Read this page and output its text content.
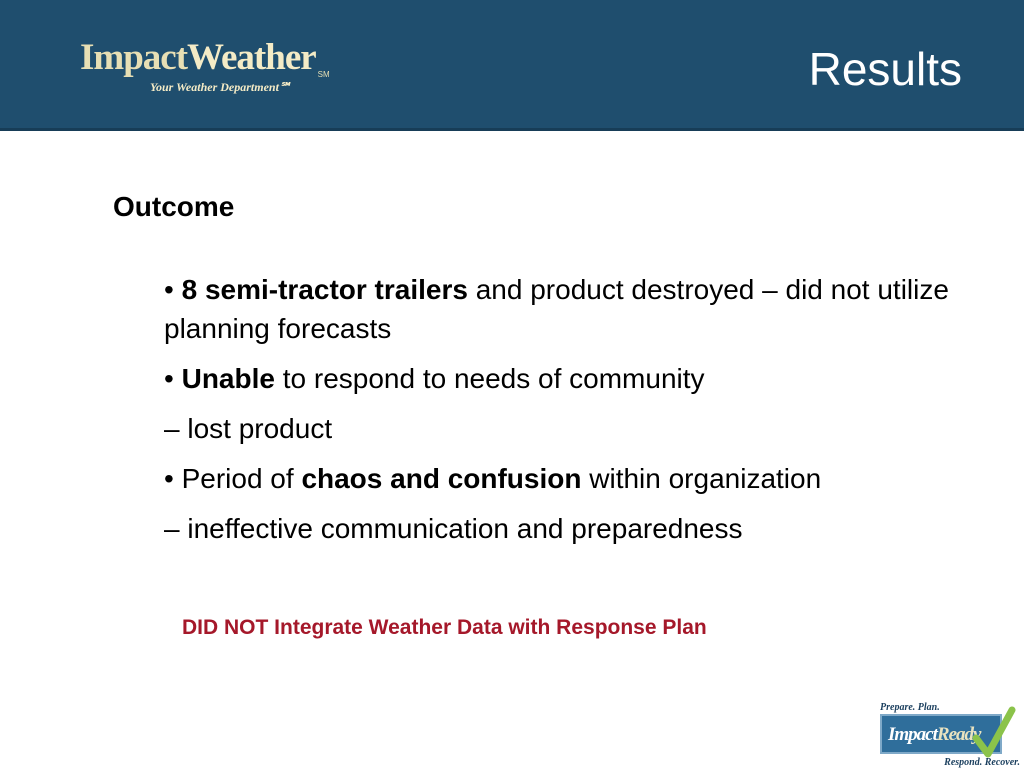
ImpactWeather SM
Your Weather Department℠	Results
Outcome

• 8 semi-tractor trailers and product destroyed – did not utilize planning forecasts

• Unable to respond to needs of community

– lost product

• Period of chaos and confusion within organization

– ineffective communication and preparedness

DID NOT Integrate Weather Data with Response Plan
Prepare. Plan.
ImpactReady
Respond. Recover.
